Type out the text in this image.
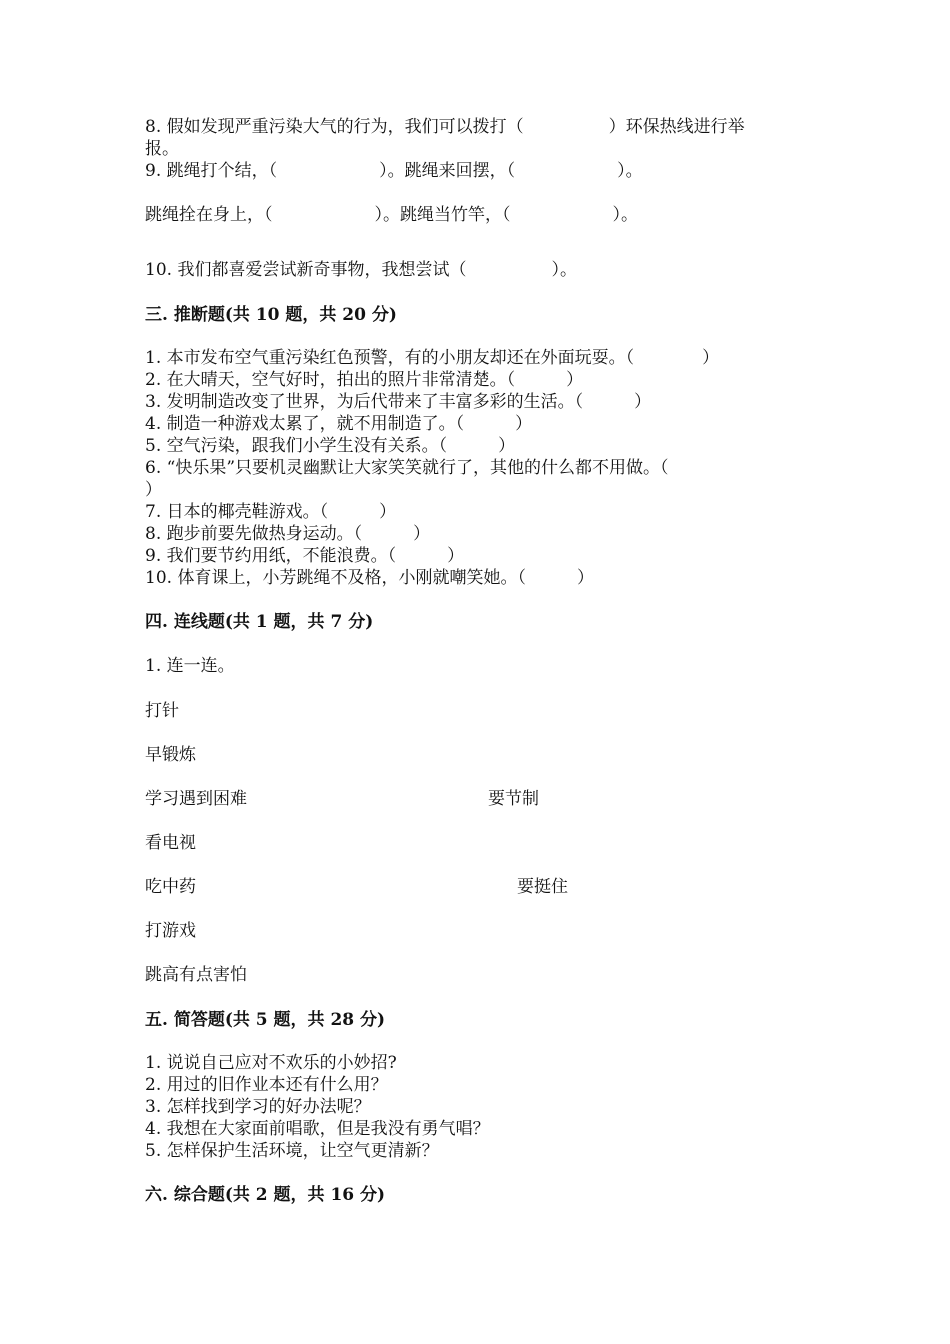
8. 假如发现严重污染大气的行为，我们可以拨打（　　　　　）环保热线进行举
报。
9. 跳绳打个结，（　　　　　　）。跳绳来回摆，（　　　　　　）。
跳绳拴在身上，（　　　　　　）。跳绳当竹竿，（　　　　　　）。
10. 我们都喜爱尝试新奇事物，我想尝试（　　　　　）。
三. 推断题(共 10 题，共 20 分)
1. 本市发布空气重污染红色预警，有的小朋友却还在外面玩耍。（　　　　）
2. 在大晴天，空气好时，拍出的照片非常清楚。（　　　）
3. 发明制造改变了世界，为后代带来了丰富多彩的生活。（　　　）
4. 制造一种游戏太累了，就不用制造了。（　　　）
5. 空气污染，跟我们小学生没有关系。（　　　）
6. “快乐果”只要机灵幽默让大家笑笑就行了，其他的什么都不用做。（
）
7. 日本的椰壳鞋游戏。（　　　）
8. 跑步前要先做热身运动。（　　　）
9. 我们要节约用纸，不能浪费。（　　　）
10. 体育课上，小芳跳绳不及格，小刚就嘲笑她。（　　　）
四. 连线题(共 1 题，共 7 分)
1. 连一连。
打针
早锻炼
学习遇到困难	要节制
看电视
吃中药	要挺住
打游戏
跳高有点害怕
五. 简答题(共 5 题，共 28 分)
1. 说说自己应对不欢乐的小妙招?
2. 用过的旧作业本还有什么用？
3. 怎样找到学习的好办法呢？
4. 我想在大家面前唱歌，但是我没有勇气唱？
5. 怎样保护生活环境，让空气更清新？
六. 综合题(共 2 题，共 16 分)
